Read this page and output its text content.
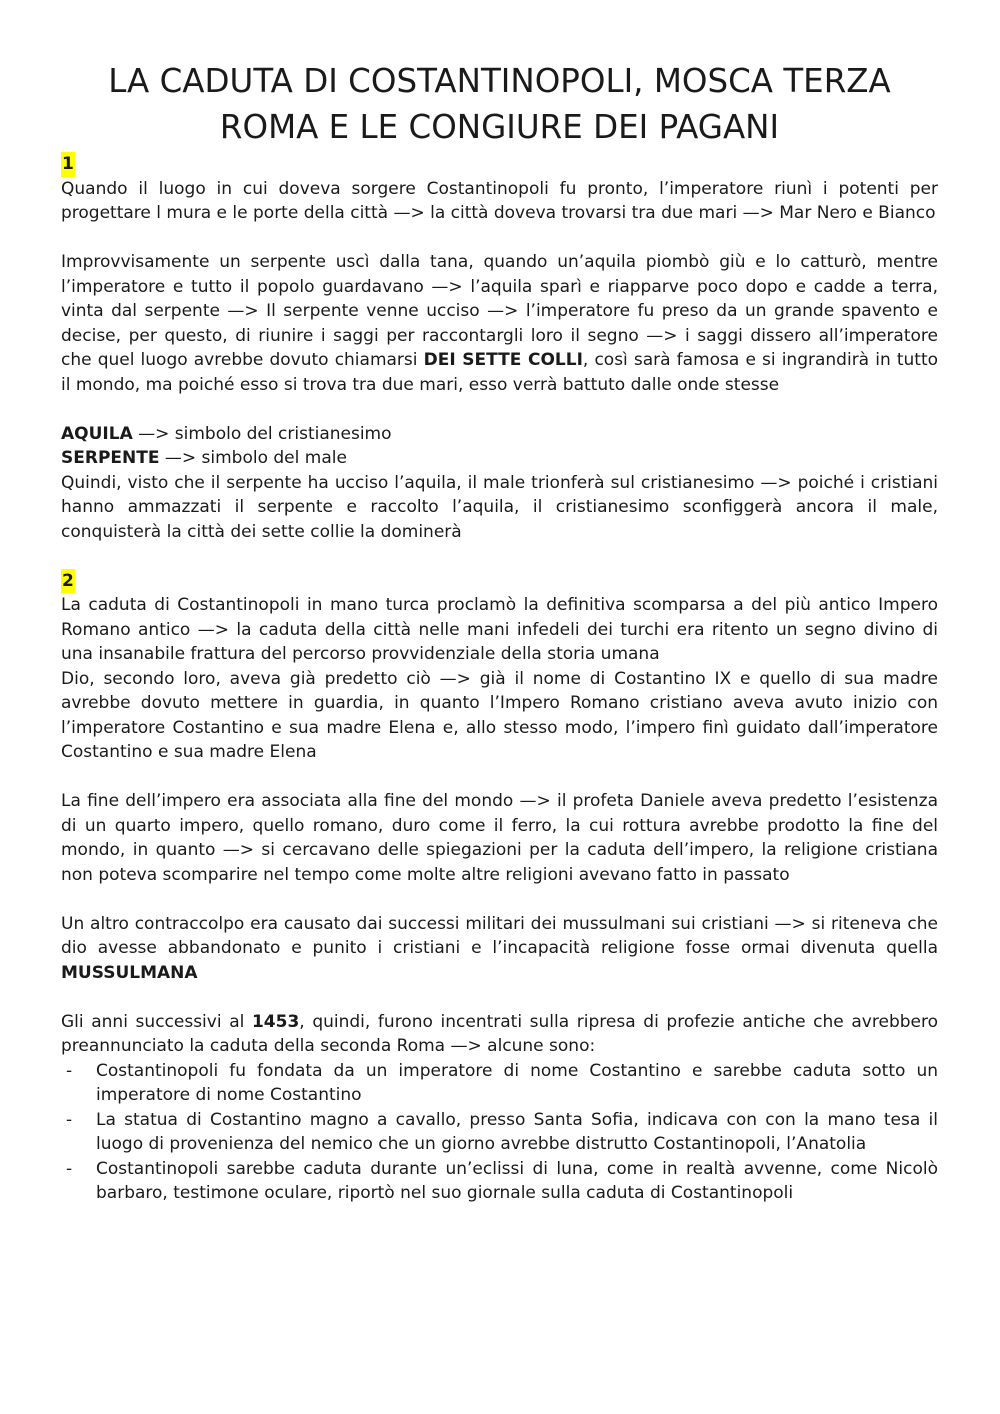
LA CADUTA DI COSTANTINOPOLI, MOSCA TERZA ROMA E LE CONGIURE DEI PAGANI
1

Quando il luogo in cui doveva sorgere Costantinopoli fu pronto, l’imperatore riunì i potenti per progettare l mura e le porte della città —> la città doveva trovarsi tra due mari —> Mar Nero e Bianco

Improvvisamente un serpente uscì dalla tana, quando un’aquila piombò giù e lo catturò, mentre l’imperatore e tutto il popolo guardavano —> l’aquila sparì e riapparve poco dopo e cadde a terra, vinta dal serpente —> Il serpente venne ucciso —> l’imperatore fu preso da un grande spavento e decise, per questo, di riunire i saggi per raccontargli loro il segno —> i saggi dissero all’imperatore che quel luogo avrebbe dovuto chiamarsi DEI SETTE COLLI, così sarà famosa e si ingrandirà in tutto il mondo, ma poiché esso si trova tra due mari, esso verrà battuto dalle onde stesse

AQUILA —> simbolo del cristianesimo

SERPENTE —> simbolo del male

Quindi, visto che il serpente ha ucciso l’aquila, il male trionferà sul cristianesimo —> poiché i cristiani hanno ammazzati il serpente e raccolto l’aquila, il cristianesimo sconfiggerà ancora il male, conquisterà la città dei sette collie la dominerà

2

La caduta di Costantinopoli in mano turca proclamò la definitiva scomparsa a del più antico Impero Romano antico —> la caduta della città nelle mani infedeli dei turchi era ritento un segno divino di una insanabile frattura del percorso provvidenziale della storia umana

Dio, secondo loro, aveva già predetto ciò —> già il nome di Costantino IX e quello di sua madre avrebbe dovuto mettere in guardia, in quanto l’Impero Romano cristiano aveva avuto inizio con l’imperatore Costantino e sua madre Elena e, allo stesso modo, l’impero finì guidato dall’imperatore Costantino e sua madre Elena

La fine dell’impero era associata alla fine del mondo —> il profeta Daniele aveva predetto l’esistenza di un quarto impero, quello romano, duro come il ferro, la cui rottura avrebbe prodotto la fine del mondo, in quanto —> si cercavano delle spiegazioni per la caduta dell’impero, la religione cristiana non poteva scomparire nel tempo come molte altre religioni avevano fatto in passato

Un altro contraccolpo era causato dai successi militari dei mussulmani sui cristiani —> si riteneva che dio avesse abbandonato e punito i cristiani e l’incapacità religione fosse ormai divenuta quella MUSSULMANA

Gli anni successivi al 1453, quindi, furono incentrati sulla ripresa di profezie antiche che avrebbero preannunciato la caduta della seconda Roma —> alcune sono:

- Costantinopoli fu fondata da un imperatore di nome Costantino e sarebbe caduta sotto un imperatore di nome Costantino
- La statua di Costantino magno a cavallo, presso Santa Sofia, indicava con con la mano tesa il luogo di provenienza del nemico che un giorno avrebbe distrutto Costantinopoli, l’Anatolia
- Costantinopoli sarebbe caduta durante un’eclissi di luna, come in realtà avvenne, come Nicolò barbaro, testimone oculare, riportò nel suo giornale sulla caduta di Costantinopoli
